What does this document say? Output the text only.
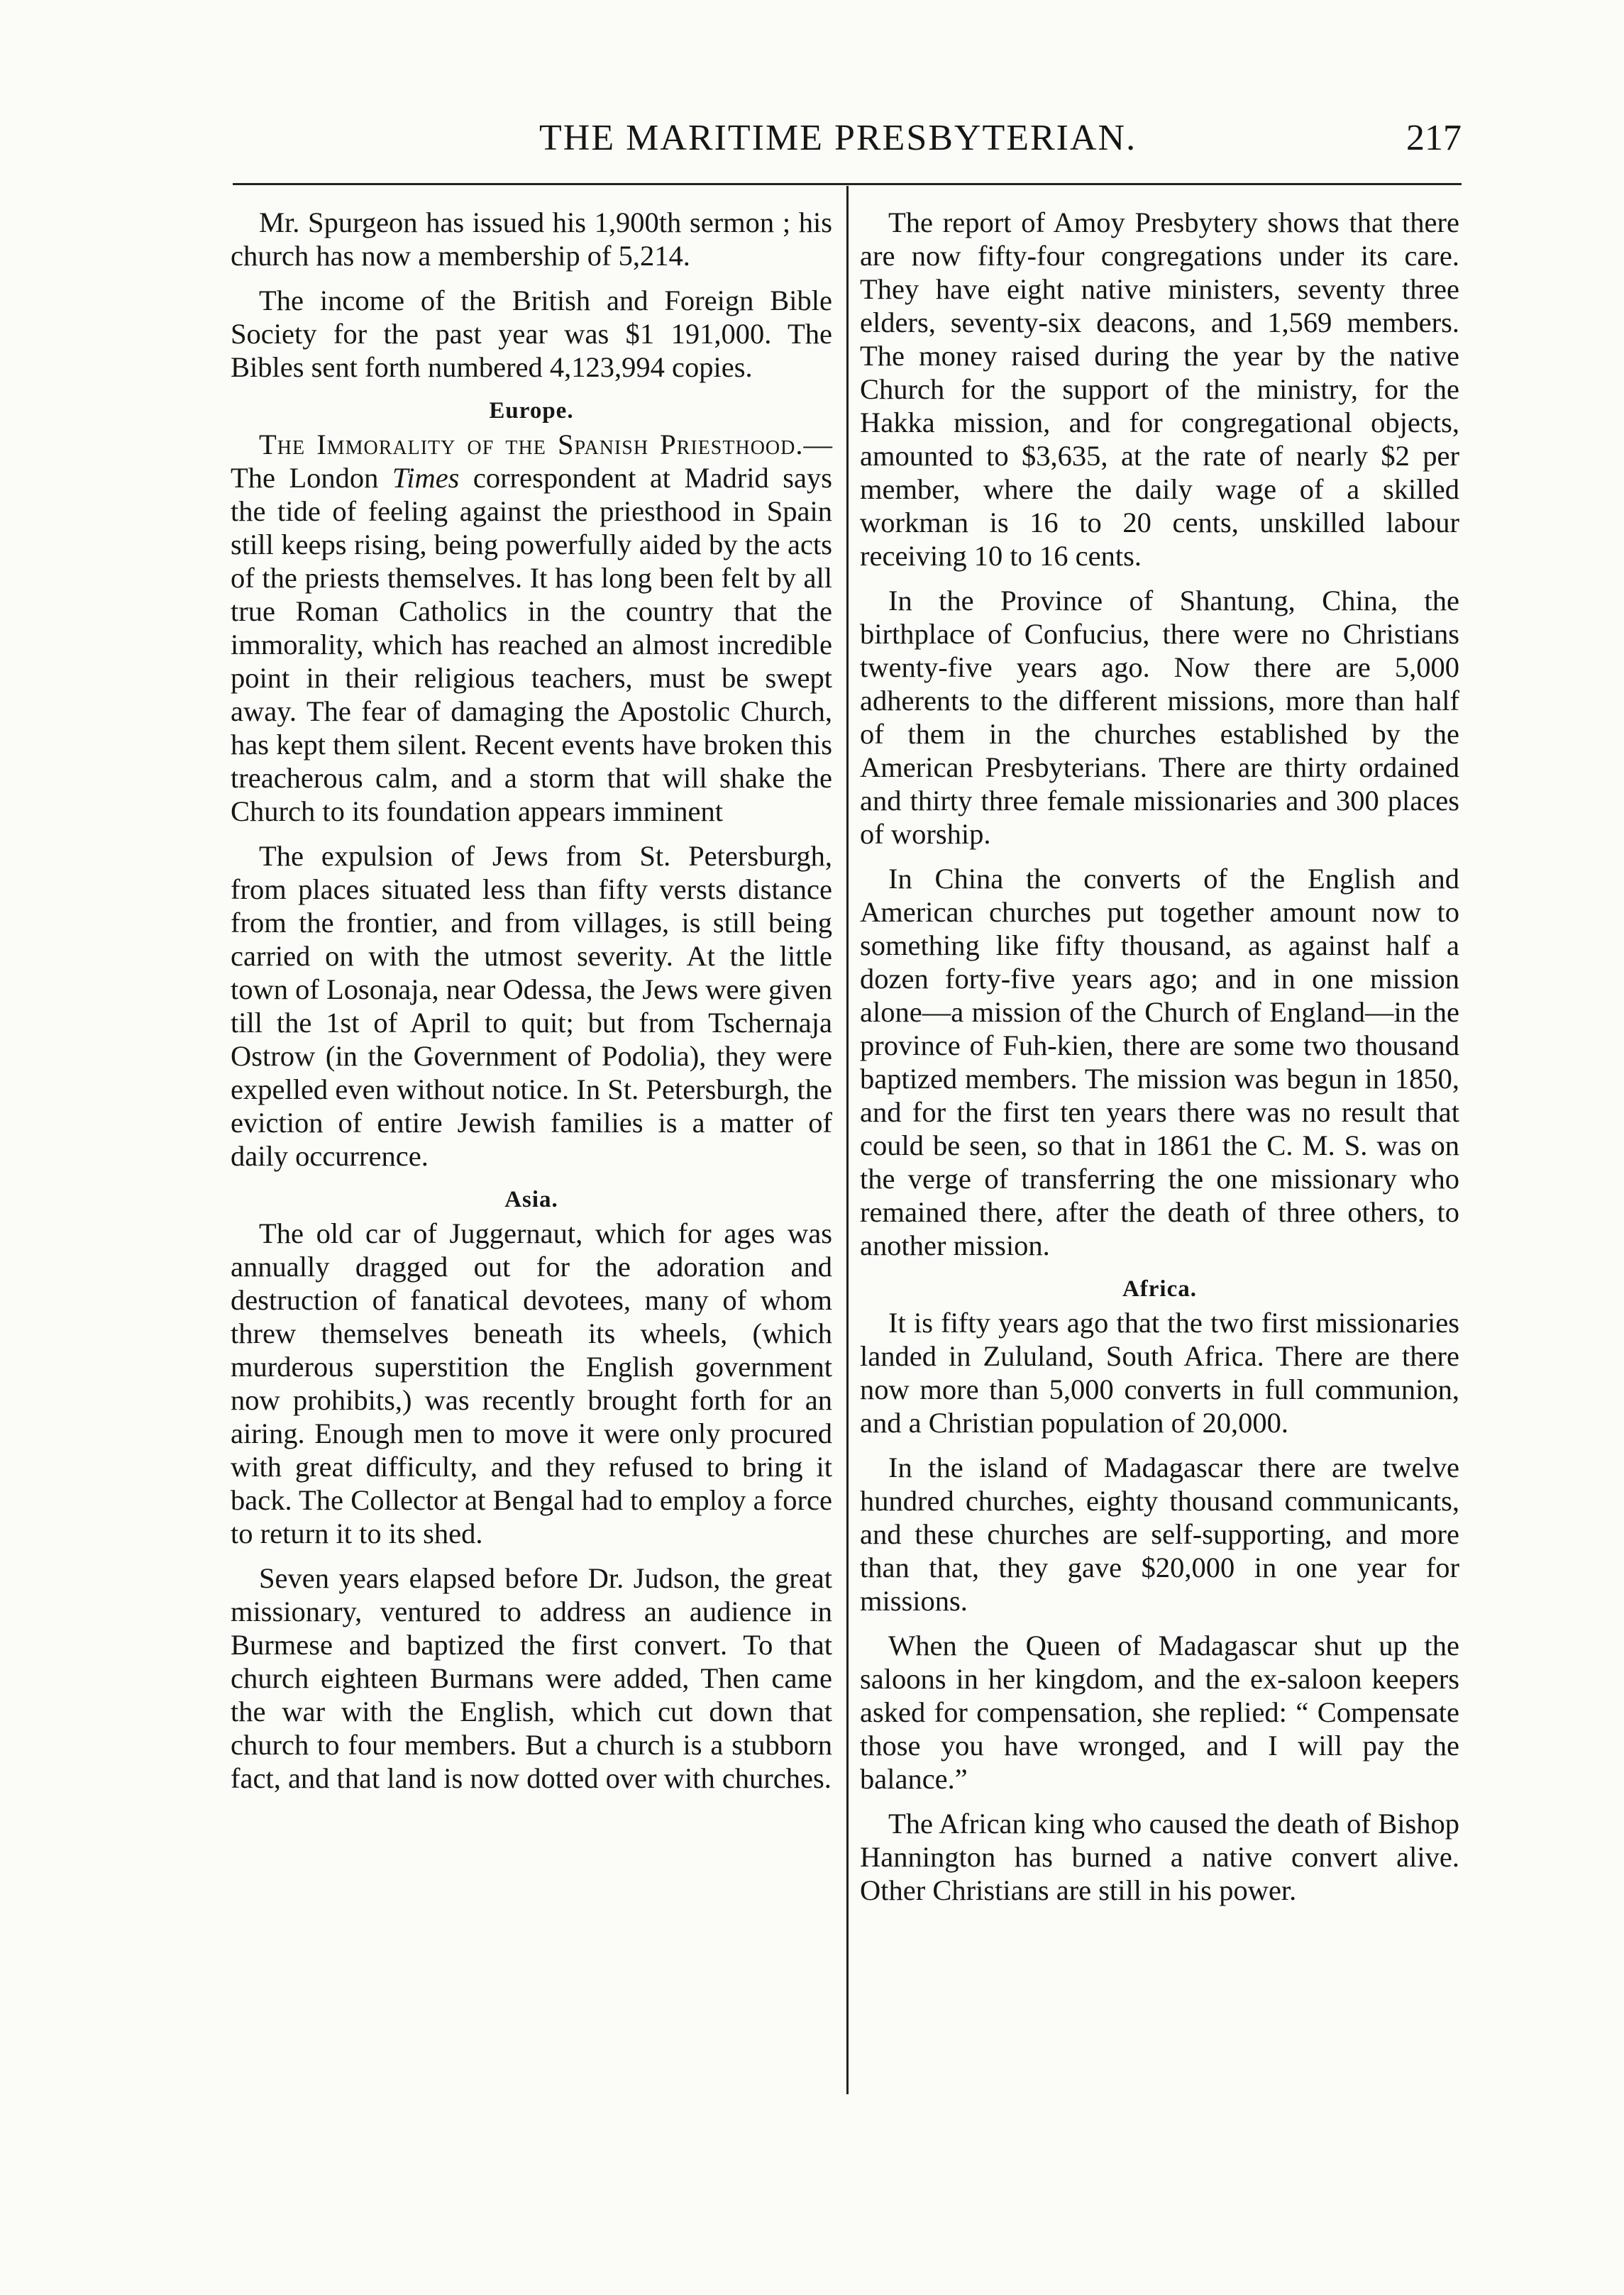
THE MARITIME PRESBYTERIAN.	217

Mr. Spurgeon has issued his 1,900th sermon ; his church has now a membership of 5,214.

The income of the British and Foreign Bible Society for the past year was $1 191,000. The Bibles sent forth numbered 4,123,994 copies.

Europe.

The Immorality of the Spanish Priesthood.—The London Times correspondent at Madrid says the tide of feeling against the priesthood in Spain still keeps rising, being powerfully aided by the acts of the priests themselves. It has long been felt by all true Roman Catholics in the country that the immorality, which has reached an almost incredible point in their religious teachers, must be swept away. The fear of damaging the Apostolic Church, has kept them silent. Recent events have broken this treacherous calm, and a storm that will shake the Church to its foundation appears imminent

The expulsion of Jews from St. Petersburgh, from places situated less than fifty versts distance from the frontier, and from villages, is still being carried on with the utmost severity. At the little town of Losonaja, near Odessa, the Jews were given till the 1st of April to quit; but from Tschernaja Ostrow (in the Government of Podolia), they were expelled even without notice. In St. Petersburgh, the eviction of entire Jewish families is a matter of daily occurrence.

Asia.

The old car of Juggernaut, which for ages was annually dragged out for the adoration and destruction of fanatical devotees, many of whom threw themselves beneath its wheels, (which murderous superstition the English government now prohibits,) was recently brought forth for an airing. Enough men to move it were only procured with great difficulty, and they refused to bring it back. The Collector at Bengal had to employ a force to return it to its shed.

Seven years elapsed before Dr. Judson, the great missionary, ventured to address an audience in Burmese and baptized the first convert. To that church eighteen Burmans were added, Then came the war with the English, which cut down that church to four members. But a church is a stubborn fact, and that land is now dotted over with churches.

The report of Amoy Presbytery shows that there are now fifty-four congregations under its care. They have eight native ministers, seventy three elders, seventy-six deacons, and 1,569 members. The money raised during the year by the native Church for the support of the ministry, for the Hakka mission, and for congregational objects, amounted to $3,635, at the rate of nearly $2 per member, where the daily wage of a skilled workman is 16 to 20 cents, unskilled labour receiving 10 to 16 cents.

In the Province of Shantung, China, the birthplace of Confucius, there were no Christians twenty-five years ago. Now there are 5,000 adherents to the different missions, more than half of them in the churches established by the American Presbyterians. There are thirty ordained and thirty three female missionaries and 300 places of worship.

In China the converts of the English and American churches put together amount now to something like fifty thousand, as against half a dozen forty-five years ago; and in one mission alone—a mission of the Church of England—in the province of Fuh-kien, there are some two thousand baptized members. The mission was begun in 1850, and for the first ten years there was no result that could be seen, so that in 1861 the C. M. S. was on the verge of transferring the one missionary who remained there, after the death of three others, to another mission.

Africa.

It is fifty years ago that the two first missionaries landed in Zululand, South Africa. There are there now more than 5,000 converts in full communion, and a Christian population of 20,000.

In the island of Madagascar there are twelve hundred churches, eighty thousand communicants, and these churches are self-supporting, and more than that, they gave $20,000 in one year for missions.

When the Queen of Madagascar shut up the saloons in her kingdom, and the ex-saloon keepers asked for compensation, she replied: “ Compensate those you have wronged, and I will pay the balance.”

The African king who caused the death of Bishop Hannington has burned a native convert alive. Other Christians are still in his power.
